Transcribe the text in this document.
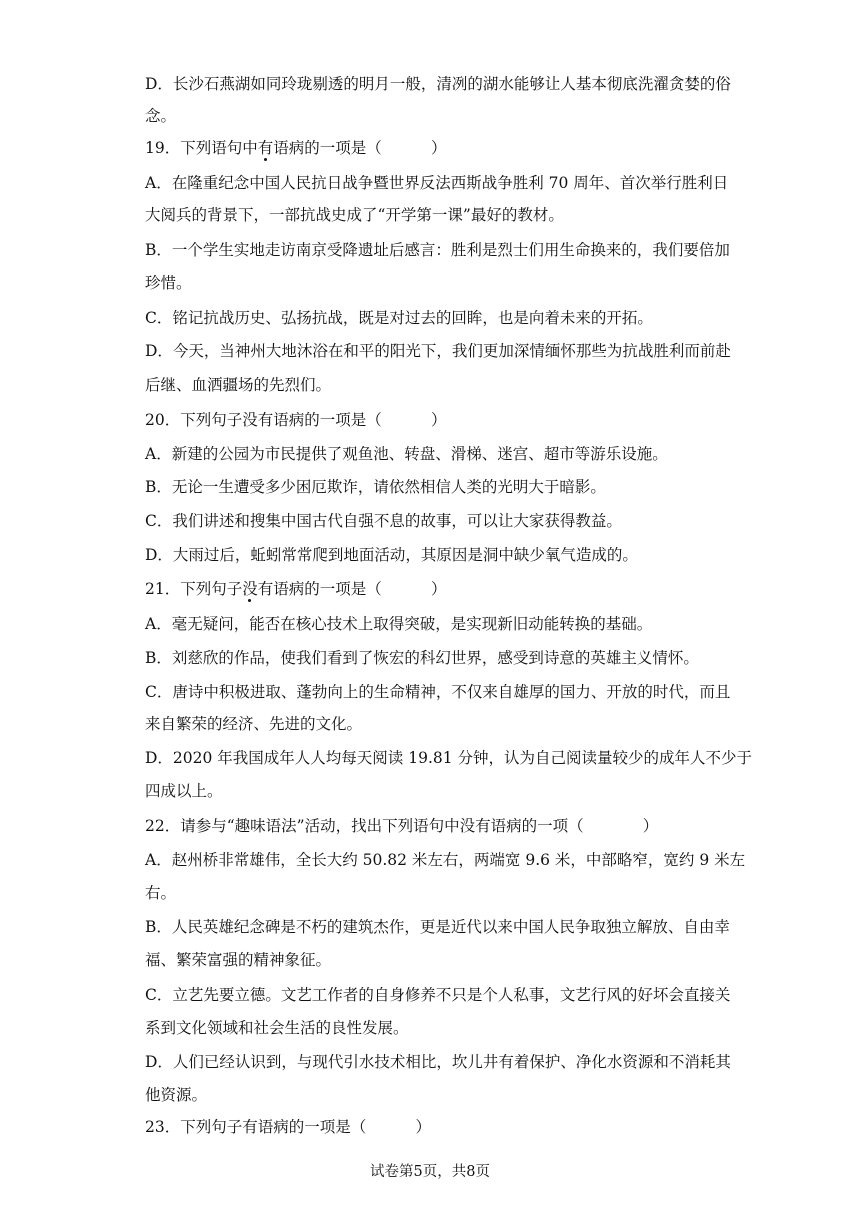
D．长沙石燕湖如同玲珑剔透的明月一般，清冽的湖水能够让人基本彻底洗濯贪婪的俗
念。
19．下列语句中有语病的一项是（          ）
A．在隆重纪念中国人民抗日战争暨世界反法西斯战争胜利 70 周年、首次举行胜利日
大阅兵的背景下，一部抗战史成了“开学第一课”最好的教材。
B．一个学生实地走访南京受降遗址后感言：胜利是烈士们用生命换来的，我们要倍加
珍惜。
C．铭记抗战历史、弘扬抗战，既是对过去的回眸，也是向着未来的开拓。
D．今天，当神州大地沐浴在和平的阳光下，我们更加深情缅怀那些为抗战胜利而前赴
后继、血洒疆场的先烈们。
20．下列句子没有语病的一项是（          ）
A．新建的公园为市民提供了观鱼池、转盘、滑梯、迷宫、超市等游乐设施。
B．无论一生遭受多少困厄欺诈，请依然相信人类的光明大于暗影。
C．我们讲述和搜集中国古代自强不息的故事，可以让大家获得教益。
D．大雨过后，蚯蚓常常爬到地面活动，其原因是洞中缺少氧气造成的。
21．下列句子没有语病的一项是（          ）
A．毫无疑问，能否在核心技术上取得突破，是实现新旧动能转换的基础。
B．刘慈欣的作品，使我们看到了恢宏的科幻世界，感受到诗意的英雄主义情怀。
C．唐诗中积极进取、蓬勃向上的生命精神，不仅来自雄厚的国力、开放的时代，而且
来自繁荣的经济、先进的文化。
D．2020 年我国成年人人均每天阅读 19.81 分钟，认为自己阅读量较少的成年人不少于
四成以上。
22．请参与“趣味语法”活动，找出下列语句中没有语病的一项（            ）
A．赵州桥非常雄伟，全长大约 50.82 米左右，两端宽 9.6 米，中部略窄，宽约 9 米左
右。
B．人民英雄纪念碑是不朽的建筑杰作，更是近代以来中国人民争取独立解放、自由幸
福、繁荣富强的精神象征。
C．立艺先要立德。文艺工作者的自身修养不只是个人私事，文艺行风的好坏会直接关
系到文化领域和社会生活的良性发展。
D．人们已经认识到，与现代引水技术相比，坎儿井有着保护、净化水资源和不消耗其
他资源。
23．下列句子有语病的一项是（          ）
试卷第5页，共8页
